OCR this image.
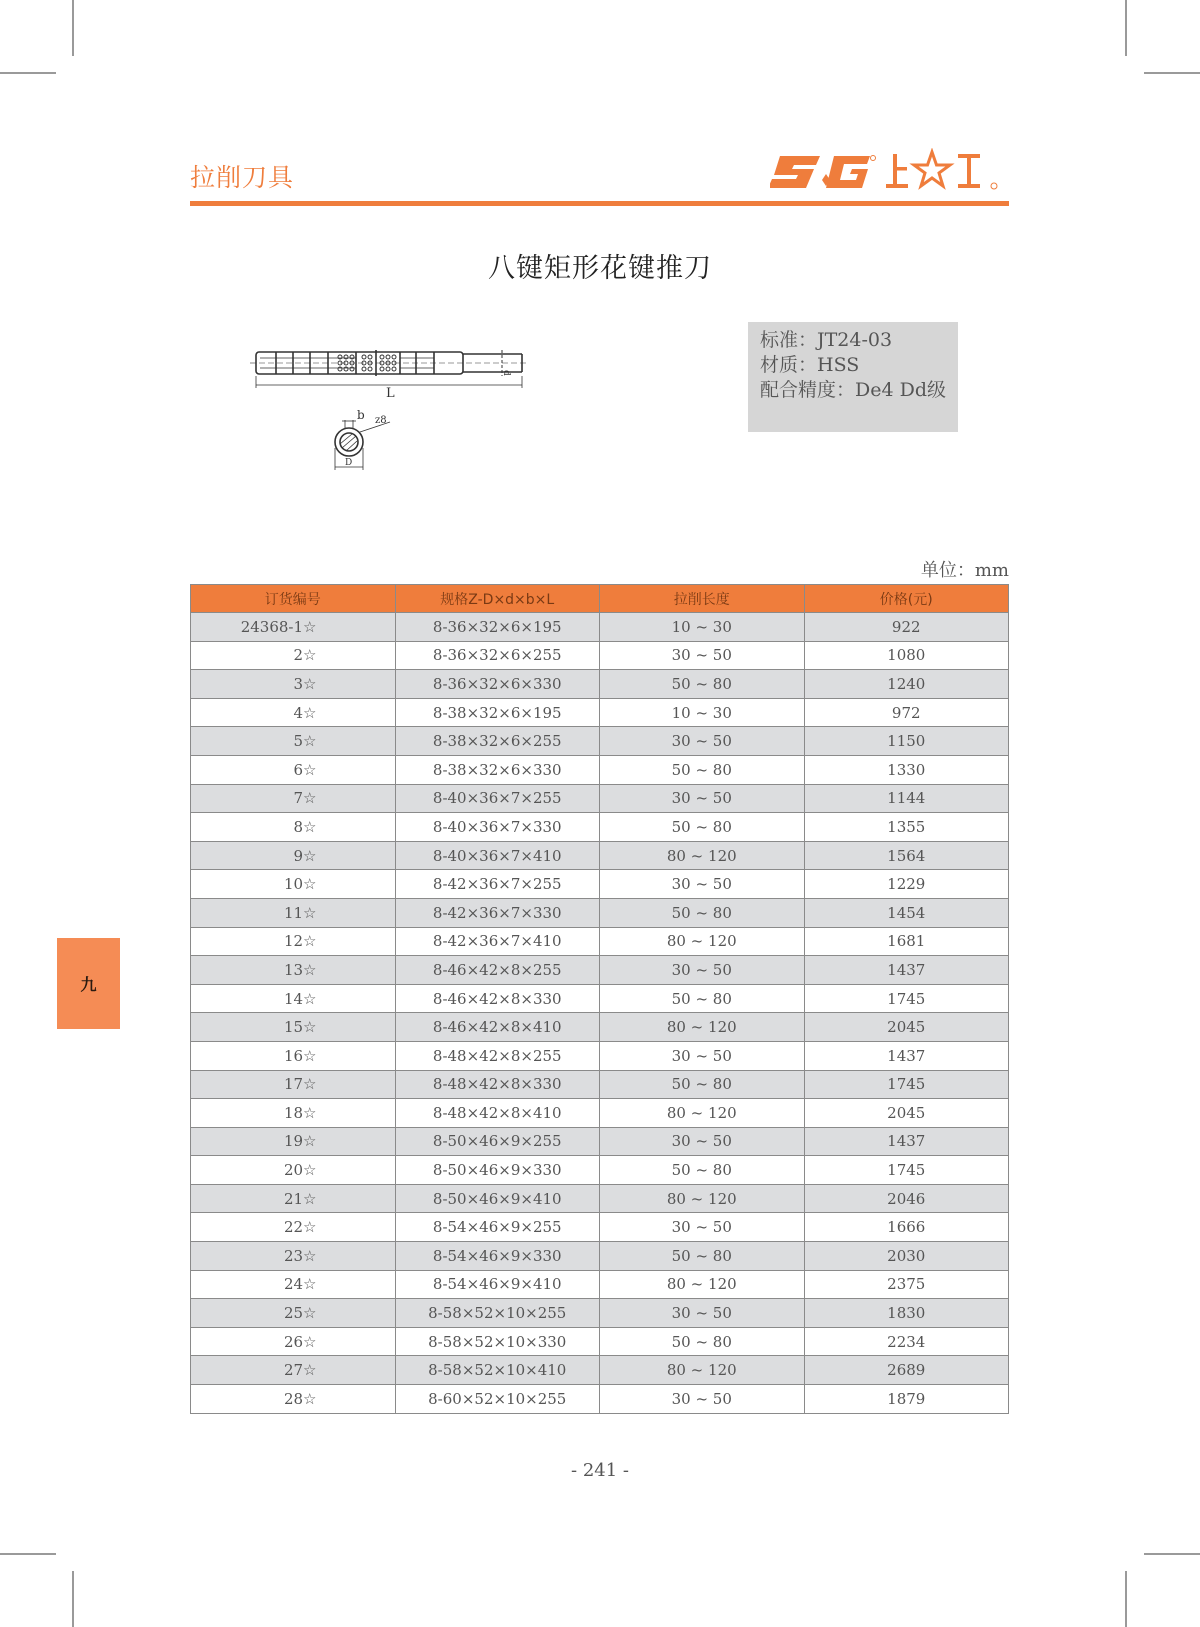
拉削刀具
八键矩形花键推刀
L
d
b z8
D
标准：JT24-03
材质：HSS
配合精度：De4 Dd级
单位：mm
订货编号	规格Z-D×d×b×L	拉削长度	价格(元)
24368-1☆	8-36×32×6×195	10 ~ 30	922
2☆	8-36×32×6×255	30 ~ 50	1080
3☆	8-36×32×6×330	50 ~ 80	1240
4☆	8-38×32×6×195	10 ~ 30	972
5☆	8-38×32×6×255	30 ~ 50	1150
6☆	8-38×32×6×330	50 ~ 80	1330
7☆	8-40×36×7×255	30 ~ 50	1144
8☆	8-40×36×7×330	50 ~ 80	1355
9☆	8-40×36×7×410	80 ~ 120	1564
10☆	8-42×36×7×255	30 ~ 50	1229
11☆	8-42×36×7×330	50 ~ 80	1454
12☆	8-42×36×7×410	80 ~ 120	1681
13☆	8-46×42×8×255	30 ~ 50	1437
14☆	8-46×42×8×330	50 ~ 80	1745
15☆	8-46×42×8×410	80 ~ 120	2045
16☆	8-48×42×8×255	30 ~ 50	1437
17☆	8-48×42×8×330	50 ~ 80	1745
18☆	8-48×42×8×410	80 ~ 120	2045
19☆	8-50×46×9×255	30 ~ 50	1437
20☆	8-50×46×9×330	50 ~ 80	1745
21☆	8-50×46×9×410	80 ~ 120	2046
22☆	8-54×46×9×255	30 ~ 50	1666
23☆	8-54×46×9×330	50 ~ 80	2030
24☆	8-54×46×9×410	80 ~ 120	2375
25☆	8-58×52×10×255	30 ~ 50	1830
26☆	8-58×52×10×330	50 ~ 80	2234
27☆	8-58×52×10×410	80 ~ 120	2689
28☆	8-60×52×10×255	30 ~ 50	1879
九
- 241 -
